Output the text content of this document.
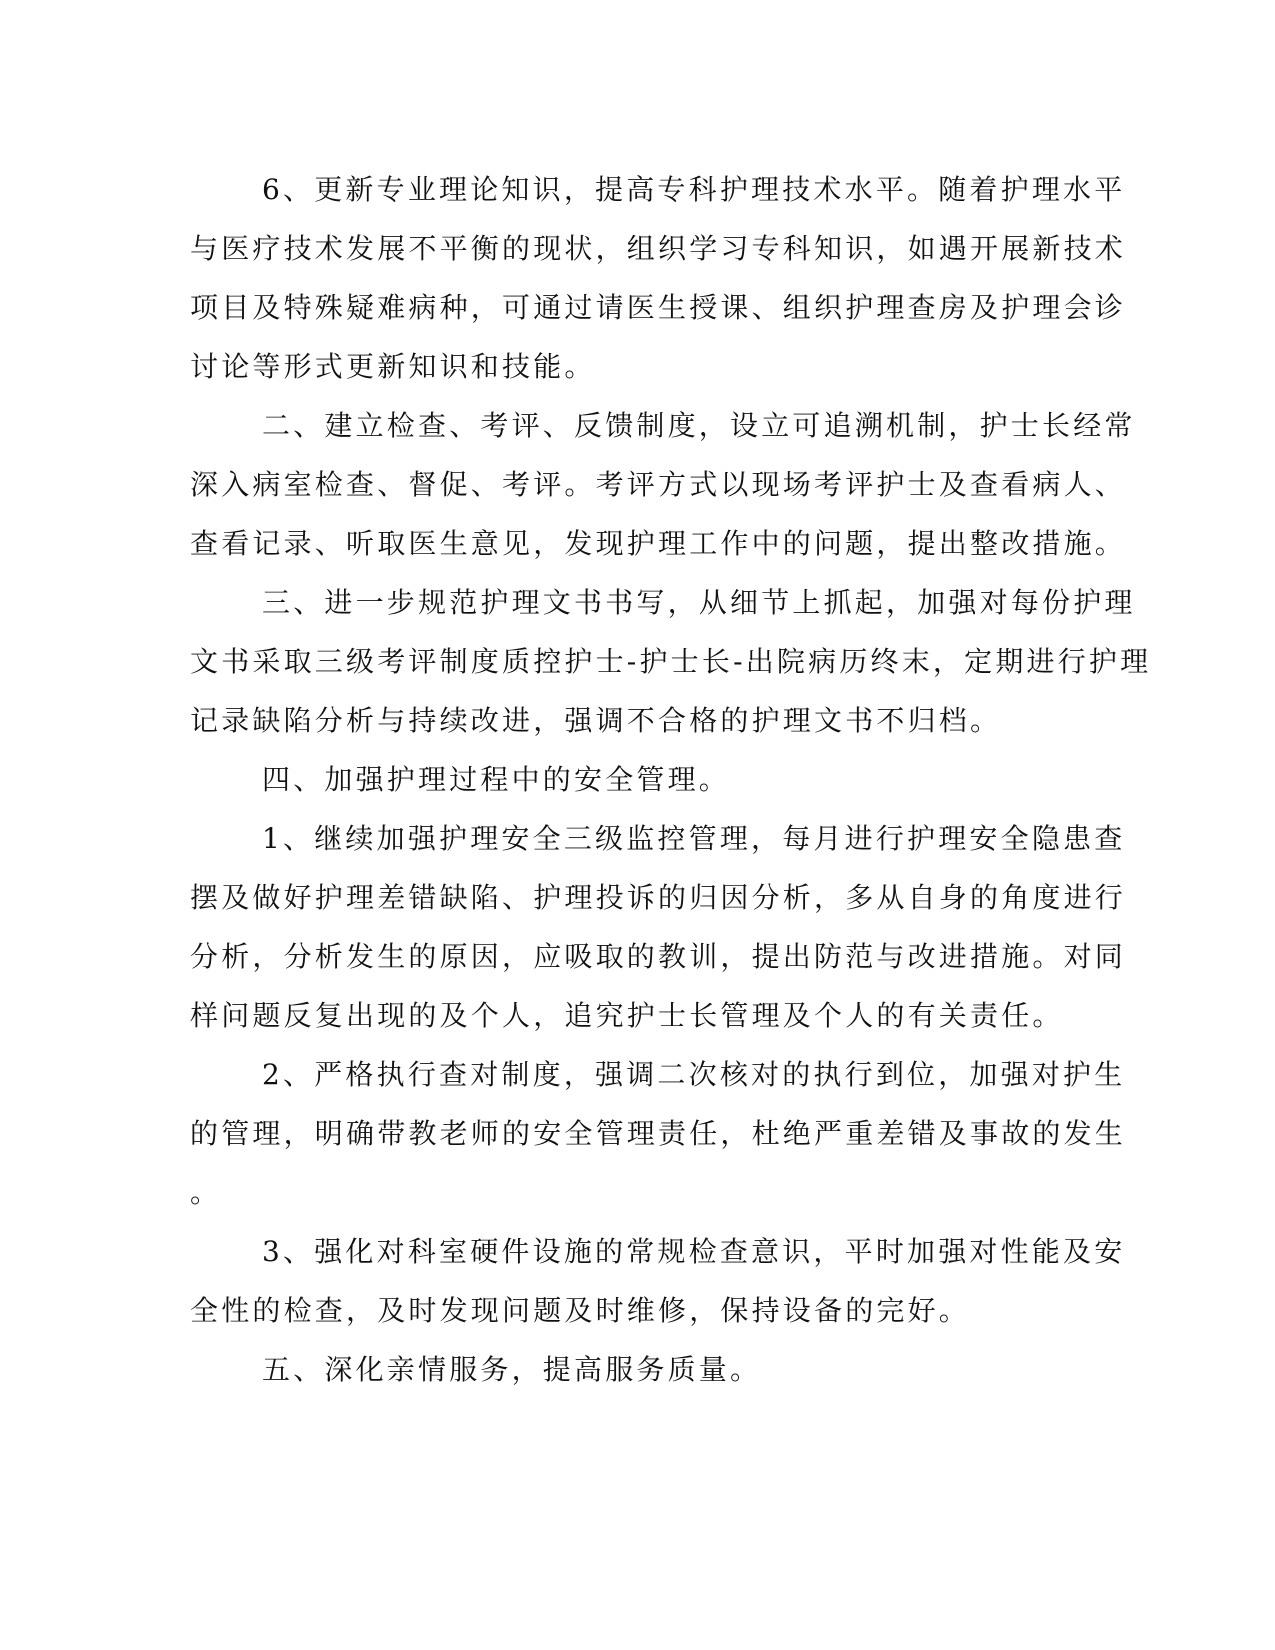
6、更新专业理论知识，提高专科护理技术水平。随着护理水平
与医疗技术发展不平衡的现状，组织学习专科知识，如遇开展新技术
项目及特殊疑难病种，可通过请医生授课、组织护理查房及护理会诊
讨论等形式更新知识和技能。
二、建立检查、考评、反馈制度，设立可追溯机制，护士长经常
深入病室检查、督促、考评。考评方式以现场考评护士及查看病人、
查看记录、听取医生意见，发现护理工作中的问题，提出整改措施。
三、进一步规范护理文书书写，从细节上抓起，加强对每份护理
文书采取三级考评制度质控护士-护士长-出院病历终末，定期进行护理
记录缺陷分析与持续改进，强调不合格的护理文书不归档。
四、加强护理过程中的安全管理。
1、继续加强护理安全三级监控管理，每月进行护理安全隐患查
摆及做好护理差错缺陷、护理投诉的归因分析，多从自身的角度进行
分析，分析发生的原因，应吸取的教训，提出防范与改进措施。对同
样问题反复出现的及个人，追究护士长管理及个人的有关责任。
2、严格执行查对制度，强调二次核对的执行到位，加强对护生
的管理，明确带教老师的安全管理责任，杜绝严重差错及事故的发生
。
3、强化对科室硬件设施的常规检查意识，平时加强对性能及安
全性的检查，及时发现问题及时维修，保持设备的完好。
五、深化亲情服务，提高服务质量。
